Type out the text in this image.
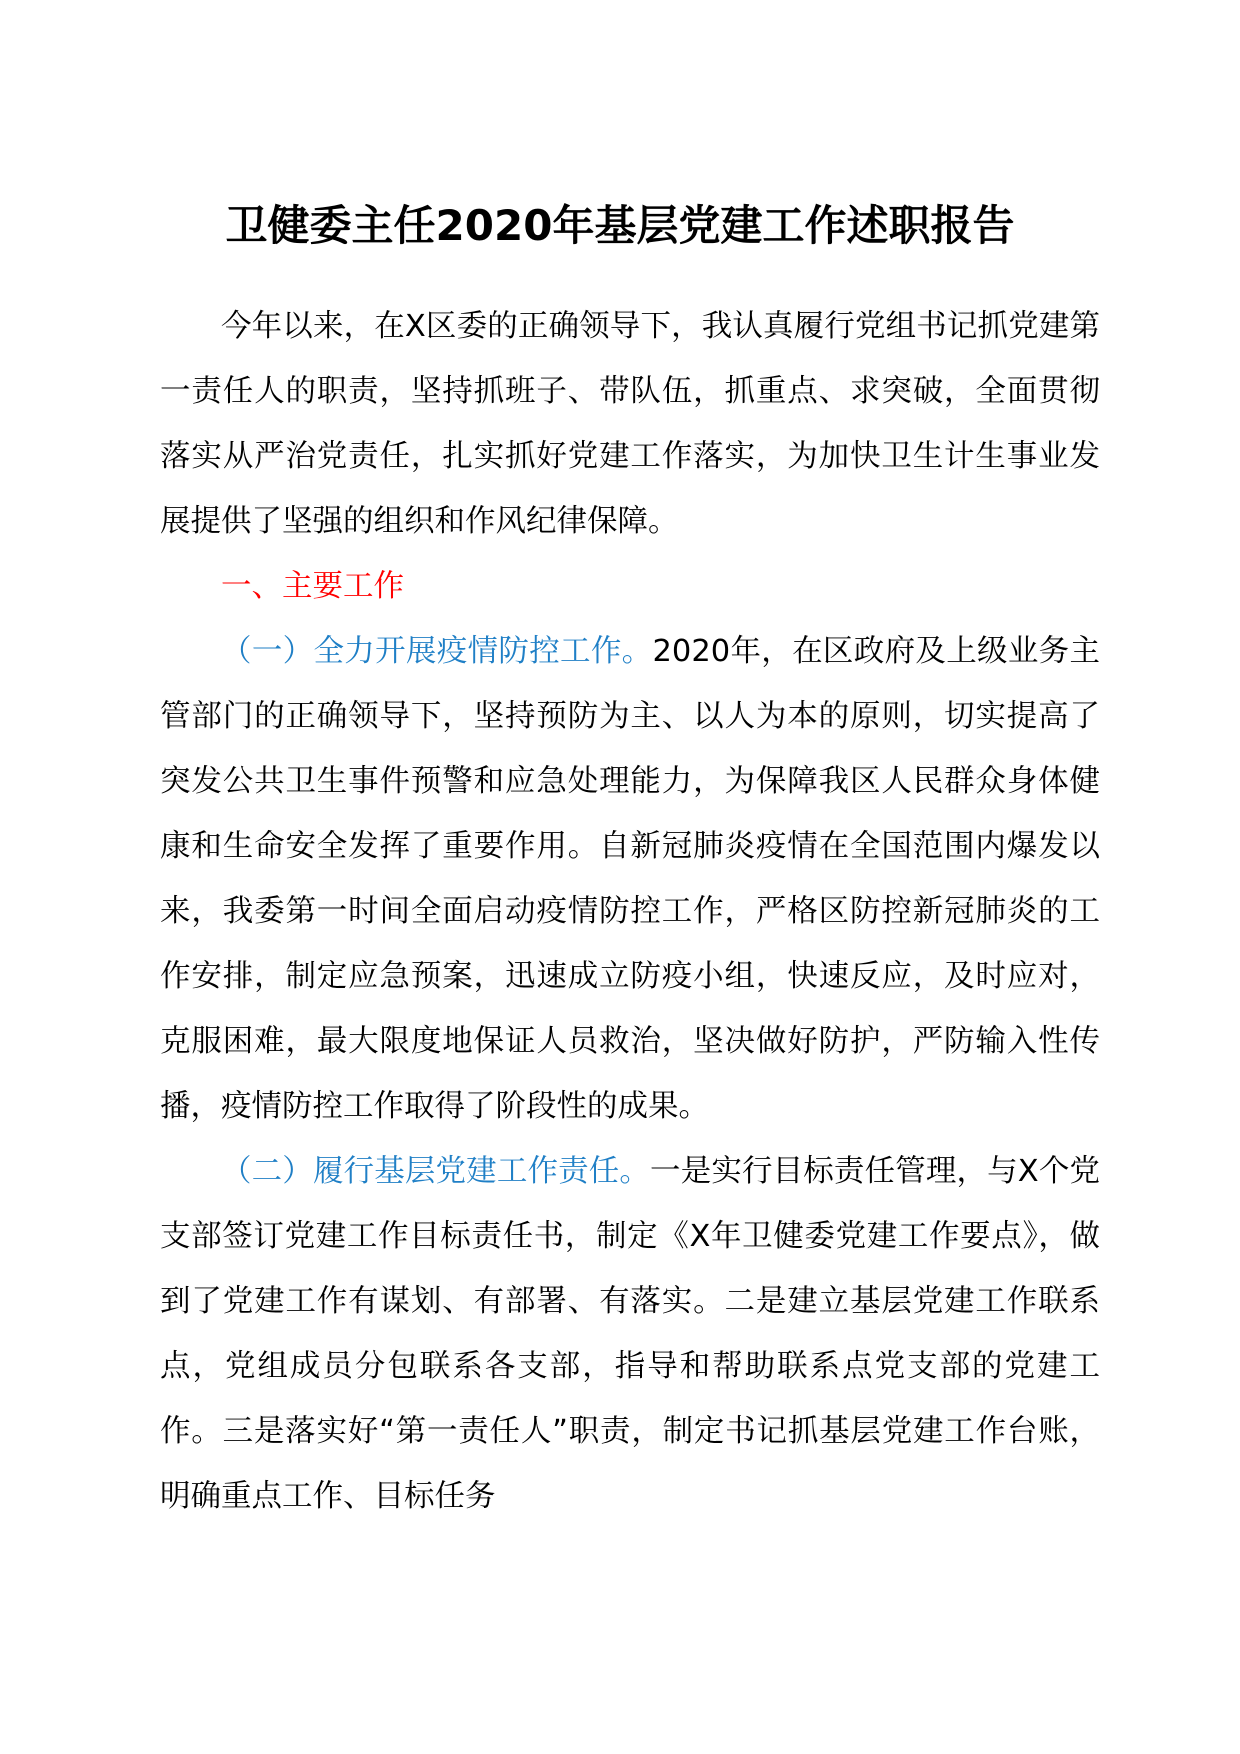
卫健委主任2020年基层党建工作述职报告

今年以来，在X区委的正确领导下，我认真履行党组书记抓党建第一责任人的职责，坚持抓班子、带队伍，抓重点、求突破，全面贯彻落实从严治党责任，扎实抓好党建工作落实，为加快卫生计生事业发展提供了坚强的组织和作风纪律保障。

一、主要工作

（一）全力开展疫情防控工作。2020年，在区政府及上级业务主管部门的正确领导下，坚持预防为主、以人为本的原则，切实提高了突发公共卫生事件预警和应急处理能力，为保障我区人民群众身体健康和生命安全发挥了重要作用。自新冠肺炎疫情在全国范围内爆发以来，我委第一时间全面启动疫情防控工作，严格区防控新冠肺炎的工作安排，制定应急预案，迅速成立防疫小组，快速反应，及时应对，克服困难，最大限度地保证人员救治，坚决做好防护，严防输入性传播，疫情防控工作取得了阶段性的成果。

（二）履行基层党建工作责任。一是实行目标责任管理，与X个党支部签订党建工作目标责任书，制定《X年卫健委党建工作要点》，做到了党建工作有谋划、有部署、有落实。二是建立基层党建工作联系点，党组成员分包联系各支部，指导和帮助联系点党支部的党建工作。三是落实好“第一责任人”职责，制定书记抓基层党建工作台账，明确重点工作、目标任务
